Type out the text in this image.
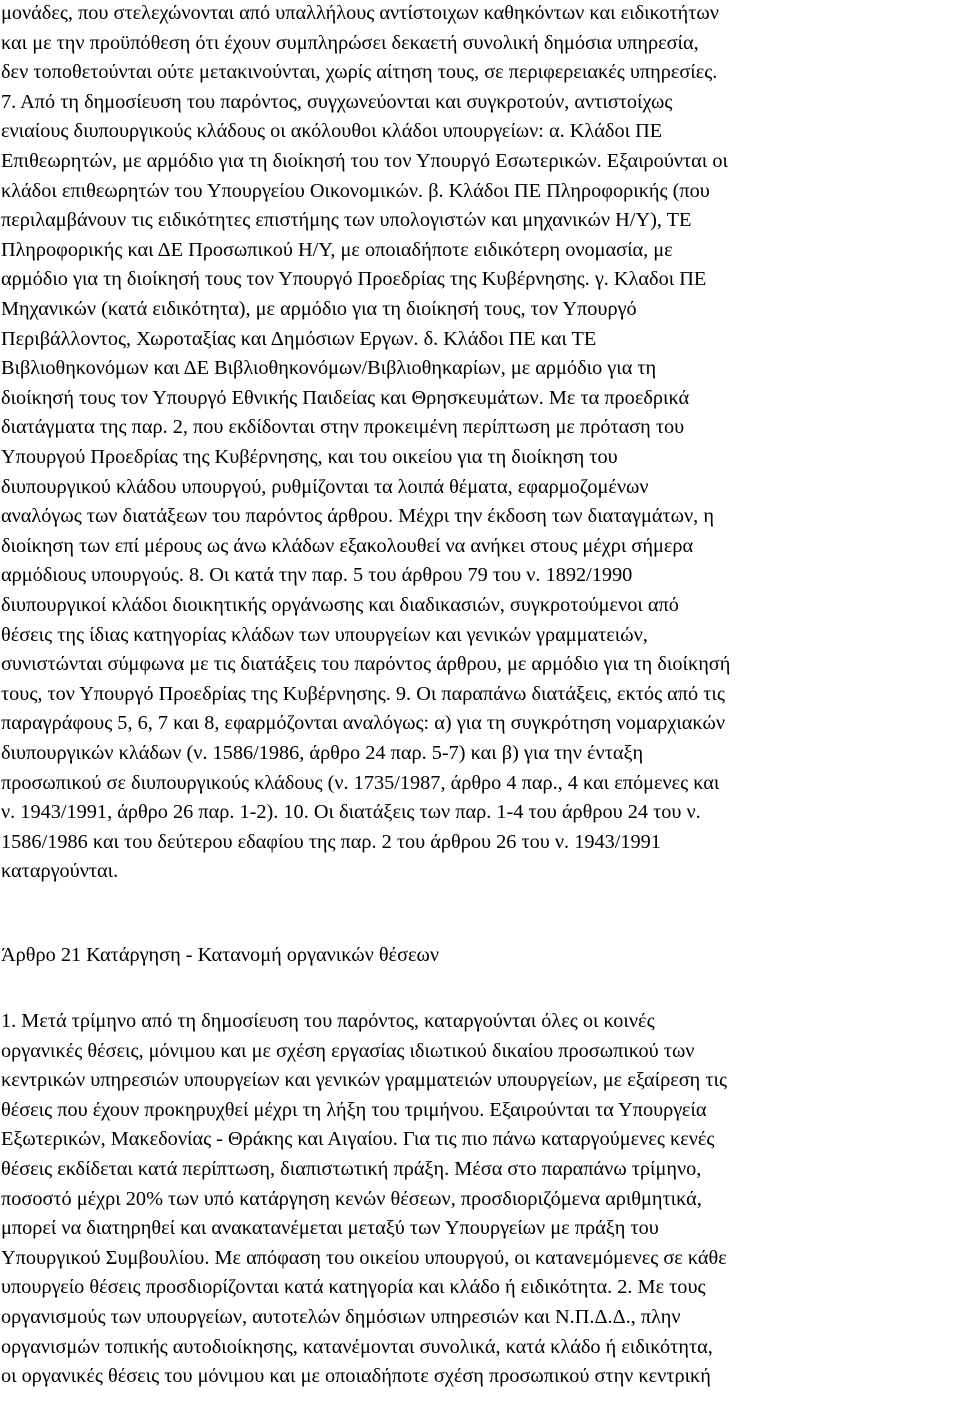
μονάδες, που στελεχώνονται από υπαλλήλους αντίστοιχων καθηκόντων και ειδικοτήτων
και με την προϋπόθεση ότι έχουν συμπληρώσει δεκαετή συνολική δημόσια υπηρεσία,
δεν τοποθετούνται ούτε μετακινούνται, χωρίς αίτηση τους, σε περιφερειακές υπηρεσίες.
7. Από τη δημοσίευση του παρόντος, συγχωνεύονται και συγκροτούν, αντιστοίχως
ενιαίους διυπουργικούς κλάδους οι ακόλουθοι κλάδοι υπουργείων: α. Κλάδοι ΠΕ
Επιθεωρητών, με αρμόδιο για τη διοίκησή του τον Υπουργό Εσωτερικών. Εξαιρούνται οι
κλάδοι επιθεωρητών του Υπουργείου Οικονομικών. β. Κλάδοι ΠΕ Πληροφορικής (που
περιλαμβάνουν τις ειδικότητες επιστήμης των υπολογιστών και μηχανικών Η/Υ), ΤΕ
Πληροφορικής και ΔΕ Προσωπικού Η/Υ, με οποιαδήποτε ειδικότερη ονομασία, με
αρμόδιο για τη διοίκησή τους τον Υπουργό Προεδρίας της Κυβέρνησης. γ. Κλαδοι ΠΕ
Μηχανικών (κατά ειδικότητα), με αρμόδιο για τη διοίκησή τους, τον Υπουργό
Περιβάλλοντος, Χωροταξίας και Δημόσιων Εργων. δ. Κλάδοι ΠΕ και ΤΕ
Βιβλιοθηκονόμων και ΔΕ Βιβλιοθηκονόμων/Βιβλιοθηκαρίων, με αρμόδιο για τη
διοίκησή τους τον Υπουργό Εθνικής Παιδείας και Θρησκευμάτων. Με τα προεδρικά
διατάγματα της παρ. 2, που εκδίδονται στην προκειμένη περίπτωση με πρόταση του
Υπουργού Προεδρίας της Κυβέρνησης, και του οικείου για τη διοίκηση του
διυπουργικού κλάδου υπουργού, ρυθμίζονται τα λοιπά θέματα, εφαρμοζομένων
αναλόγως των διατάξεων του παρόντος άρθρου. Μέχρι την έκδοση των διαταγμάτων, η
διοίκηση των επί μέρους ως άνω κλάδων εξακολουθεί να ανήκει στους μέχρι σήμερα
αρμόδιους υπουργούς. 8. Οι κατά την παρ. 5 του άρθρου 79 του ν. 1892/1990
διυπουργικοί κλάδοι διοικητικής οργάνωσης και διαδικασιών, συγκροτούμενοι από
θέσεις της ίδιας κατηγορίας κλάδων των υπουργείων και γενικών γραμματειών,
συνιστώνται σύμφωνα με τις διατάξεις του παρόντος άρθρου, με αρμόδιο για τη διοίκησή
τους, τον Υπουργό Προεδρίας της Κυβέρνησης. 9. Οι παραπάνω διατάξεις, εκτός από τις
παραγράφους 5, 6, 7 και 8, εφαρμόζονται αναλόγως: α) για τη συγκρότηση νομαρχιακών
διυπουργικών κλάδων (ν. 1586/1986, άρθρο 24 παρ. 5-7) και β) για την ένταξη
προσωπικού σε διυπουργικούς κλάδους (ν. 1735/1987, άρθρο 4 παρ., 4 και επόμενες και
ν. 1943/1991, άρθρο 26 παρ. 1-2). 10. Οι διατάξεις των παρ. 1-4 του άρθρου 24 του ν.
1586/1986 και του δεύτερου εδαφίου της παρ. 2 του άρθρου 26 του ν. 1943/1991
καταργούνται.
Άρθρο 21 Κατάργηση - Κατανομή οργανικών θέσεων
1. Μετά τρίμηνο από τη δημοσίευση του παρόντος, καταργούνται όλες οι κοινές
οργανικές θέσεις, μόνιμου και με σχέση εργασίας ιδιωτικού δικαίου προσωπικού των
κεντρικών υπηρεσιών υπουργείων και γενικών γραμματειών υπουργείων, με εξαίρεση τις
θέσεις που έχουν προκηρυχθεί μέχρι τη λήξη του τριμήνου. Εξαιρούνται τα Υπουργεία
Εξωτερικών, Μακεδονίας - Θράκης και Αιγαίου. Για τις πιο πάνω καταργούμενες κενές
θέσεις εκδίδεται κατά περίπτωση, διαπιστωτική πράξη. Μέσα στο παραπάνω τρίμηνο,
ποσοστό μέχρι 20% των υπό κατάργηση κενών θέσεων, προσδιοριζόμενα αριθμητικά,
μπορεί να διατηρηθεί και ανακατανέμεται μεταξύ των Υπουργείων με πράξη του
Υπουργικού Συμβουλίου. Με απόφαση του οικείου υπουργού, οι κατανεμόμενες σε κάθε
υπουργείο θέσεις προσδιορίζονται κατά κατηγορία και κλάδο ή ειδικότητα. 2. Με τους
οργανισμούς των υπουργείων, αυτοτελών δημόσιων υπηρεσιών και Ν.Π.Δ.Δ., πλην
οργανισμών τοπικής αυτοδιοίκησης, κατανέμονται συνολικά, κατά κλάδο ή ειδικότητα,
οι οργανικές θέσεις του μόνιμου και με οποιαδήποτε σχέση προσωπικού στην κεντρική
